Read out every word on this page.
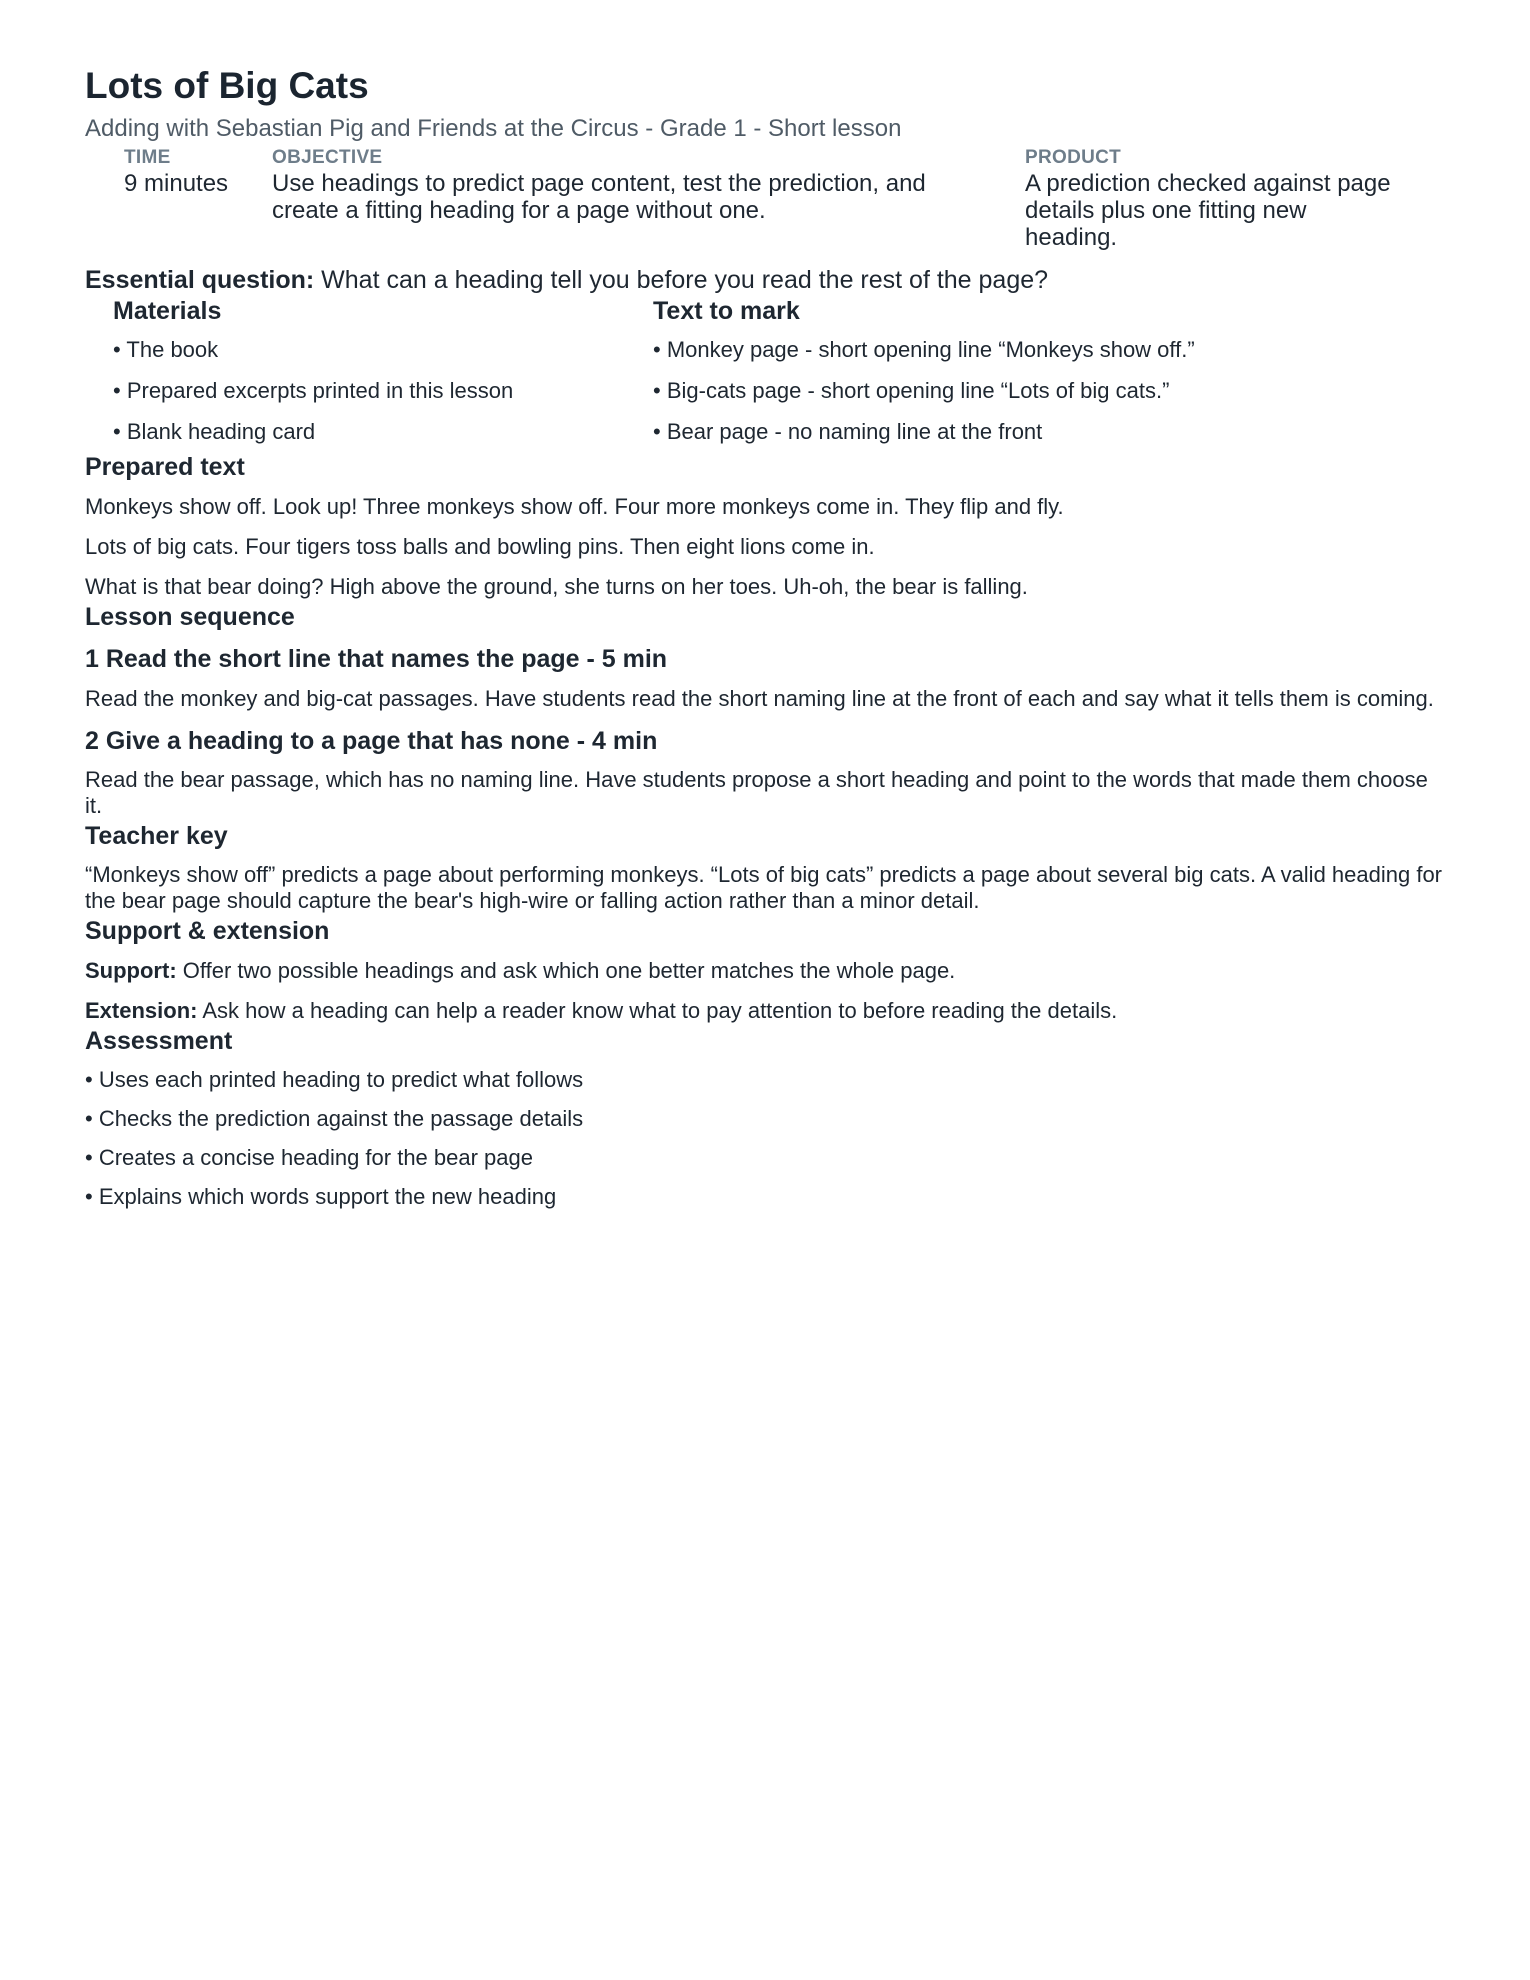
Lots of Big Cats
Adding with Sebastian Pig and Friends at the Circus - Grade 1 - Short lesson
TIME
9 minutes
OBJECTIVE
Use headings to predict page content, test the prediction, and create a fitting heading for a page without one.
PRODUCT
A prediction checked against page details plus one fitting new heading.
Essential question: What can a heading tell you before you read the rest of the page?
Materials
• The book
• Prepared excerpts printed in this lesson
• Blank heading card
Text to mark
• Monkey page - short opening line “Monkeys show off.”
• Big-cats page - short opening line “Lots of big cats.”
• Bear page - no naming line at the front
Prepared text

Monkeys show off. Look up! Three monkeys show off. Four more monkeys come in. They flip and fly.

Lots of big cats. Four tigers toss balls and bowling pins. Then eight lions come in.

What is that bear doing? High above the ground, she turns on her toes. Uh-oh, the bear is falling.

Lesson sequence
1 Read the short line that names the page - 5 min

Read the monkey and big-cat passages. Have students read the short naming line at the front of each and say what it tells them is coming.

2 Give a heading to a page that has none - 4 min

Read the bear passage, which has no naming line. Have students propose a short heading and point to the words that made them choose it.

Teacher key

“Monkeys show off” predicts a page about performing monkeys. “Lots of big cats” predicts a page about several big cats. A valid heading for the bear page should capture the bear's high-wire or falling action rather than a minor detail.

Support & extension

Support: Offer two possible headings and ask which one better matches the whole page.

Extension: Ask how a heading can help a reader know what to pay attention to before reading the details.

Assessment
• Uses each printed heading to predict what follows
• Checks the prediction against the passage details
• Creates a concise heading for the bear page
• Explains which words support the new heading
